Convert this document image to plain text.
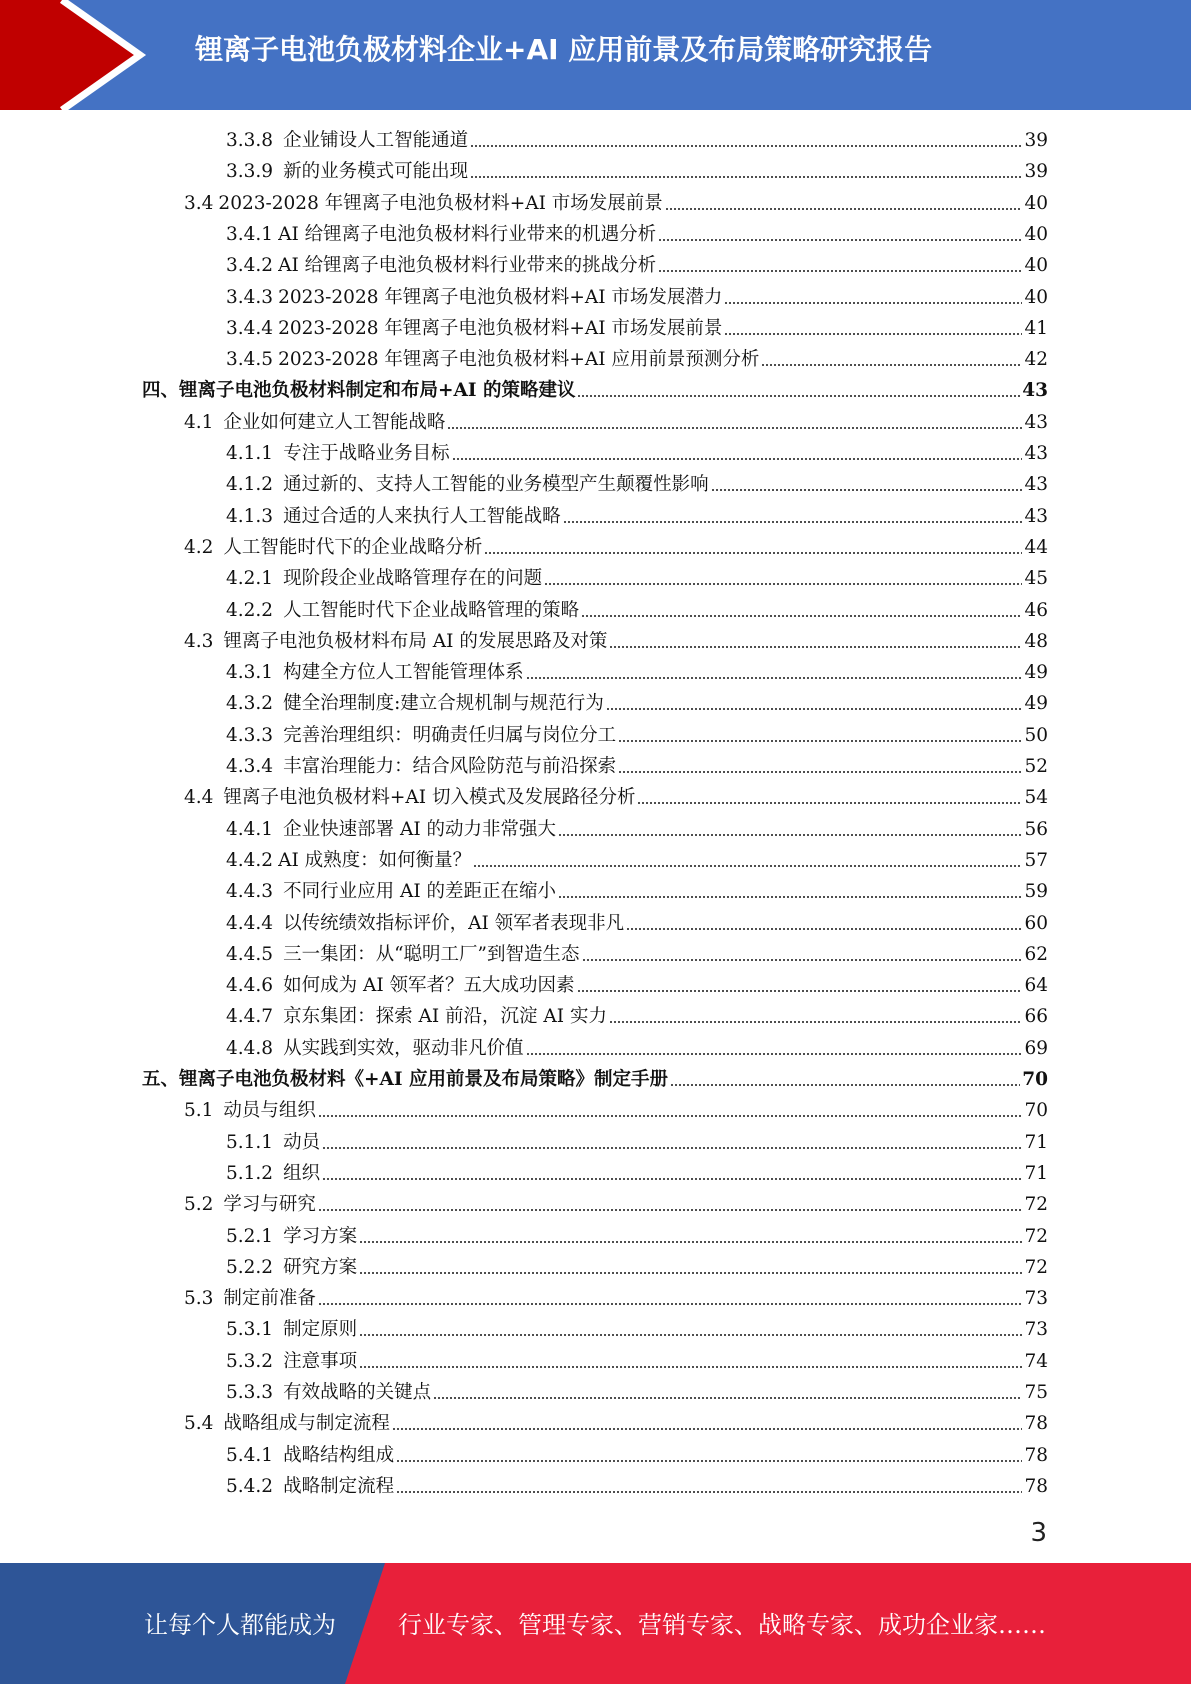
锂离子电池负极材料企业+AI 应用前景及布局策略研究报告
3.3.8 企业铺设人工智能通道	39
3.3.9 新的业务模式可能出现	39
3.4 2023-2028 年锂离子电池负极材料+AI 市场发展前景	40
3.4.1 AI 给锂离子电池负极材料行业带来的机遇分析	40
3.4.2 AI 给锂离子电池负极材料行业带来的挑战分析	40
3.4.3 2023-2028 年锂离子电池负极材料+AI 市场发展潜力	40
3.4.4 2023-2028 年锂离子电池负极材料+AI 市场发展前景	41
3.4.5 2023-2028 年锂离子电池负极材料+AI 应用前景预测分析	42
四、 锂离子电池负极材料制定和布局+AI 的策略建议	43
4.1 企业如何建立人工智能战略	43
4.1.1 专注于战略业务目标	43
4.1.2 通过新的、支持人工智能的业务模型产生颠覆性影响	43
4.1.3 通过合适的人来执行人工智能战略	43
4.2 人工智能时代下的企业战略分析	44
4.2.1 现阶段企业战略管理存在的问题	45
4.2.2 人工智能时代下企业战略管理的策略	46
4.3 锂离子电池负极材料布局 AI 的发展思路及对策	48
4.3.1 构建全方位人工智能管理体系	49
4.3.2 健全治理制度:建立合规机制与规范行为	49
4.3.3 完善治理组织：明确责任归属与岗位分工	50
4.3.4 丰富治理能力：结合风险防范与前沿探索	52
4.4 锂离子电池负极材料+AI 切入模式及发展路径分析	54
4.4.1 企业快速部署 AI 的动力非常强大	56
4.4.2 AI 成熟度：如何衡量？	57
4.4.3 不同行业应用 AI 的差距正在缩小	59
4.4.4 以传统绩效指标评价，AI 领军者表现非凡	60
4.4.5 三一集团：从“聪明工厂”到智造生态	62
4.4.6 如何成为 AI 领军者？五大成功因素	64
4.4.7 京东集团：探索 AI 前沿，沉淀 AI 实力	66
4.4.8 从实践到实效，驱动非凡价值	69
五、 锂离子电池负极材料《+AI 应用前景及布局策略》制定手册	70
5.1 动员与组织	70
5.1.1 动员	71
5.1.2 组织	71
5.2 学习与研究	72
5.2.1 学习方案	72
5.2.2 研究方案	72
5.3 制定前准备	73
5.3.1 制定原则	73
5.3.2 注意事项	74
5.3.3 有效战略的关键点	75
5.4 战略组成与制定流程	78
5.4.1 战略结构组成	78
5.4.2 战略制定流程	78
3
让每个人都能成为	行业专家、管理专家、营销专家、战略专家、成功企业家……
